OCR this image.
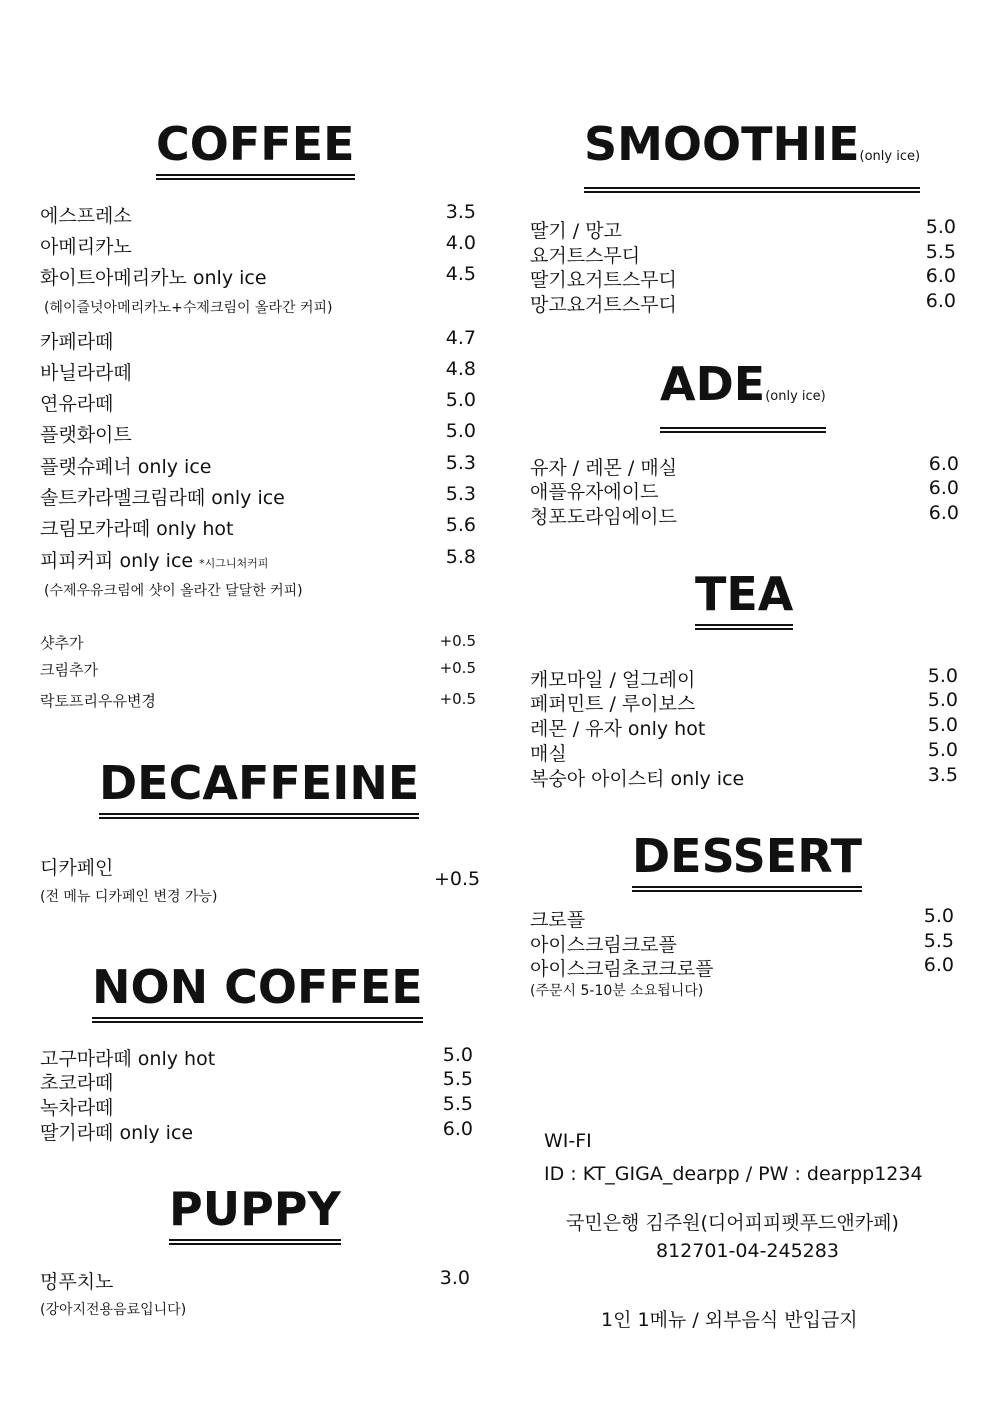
COFFEE
에스프레소	3.5
아메리카노	4.0
화이트아메리카노 only ice	4.5
(헤이즐넛아메리카노+수제크림이 올라간 커피)
카페라떼	4.7
바닐라라떼	4.8
연유라떼	5.0
플랫화이트	5.0
플랫슈페너 only ice	5.3
솔트카라멜크림라떼 only ice	5.3
크림모카라떼 only hot	5.6
피피커피 only ice *시그니처커피	5.8
(수제우유크림에 샷이 올라간 달달한 커피)
샷추가	+0.5
크림추가	+0.5
락토프리우유변경	+0.5
DECAFFEINE
디카페인	+0.5
(전 메뉴 디카페인 변경 가능)
NON COFFEE
고구마라떼 only hot	5.0
초코라떼	5.5
녹차라떼	5.5
딸기라떼 only ice	6.0
PUPPY
멍푸치노	3.0
(강아지전용음료입니다)
SMOOTHIE(only ice)
딸기 / 망고	5.0
요거트스무디	5.5
딸기요거트스무디	6.0
망고요거트스무디	6.0
ADE(only ice)
유자 / 레몬 / 매실	6.0
애플유자에이드	6.0
청포도라임에이드	6.0
TEA
캐모마일 / 얼그레이	5.0
페퍼민트 / 루이보스	5.0
레몬 / 유자 only hot	5.0
매실	5.0
복숭아 아이스티 only ice	3.5
DESSERT
크로플	5.0
아이스크림크로플	5.5
아이스크림초코크로플	6.0
(주문시 5-10분 소요됩니다)
WI-FI
ID : KT_GIGA_dearpp / PW : dearpp1234
국민은행 김주원(디어피피펫푸드앤카페)
812701-04-245283
1인 1메뉴 / 외부음식 반입금지
